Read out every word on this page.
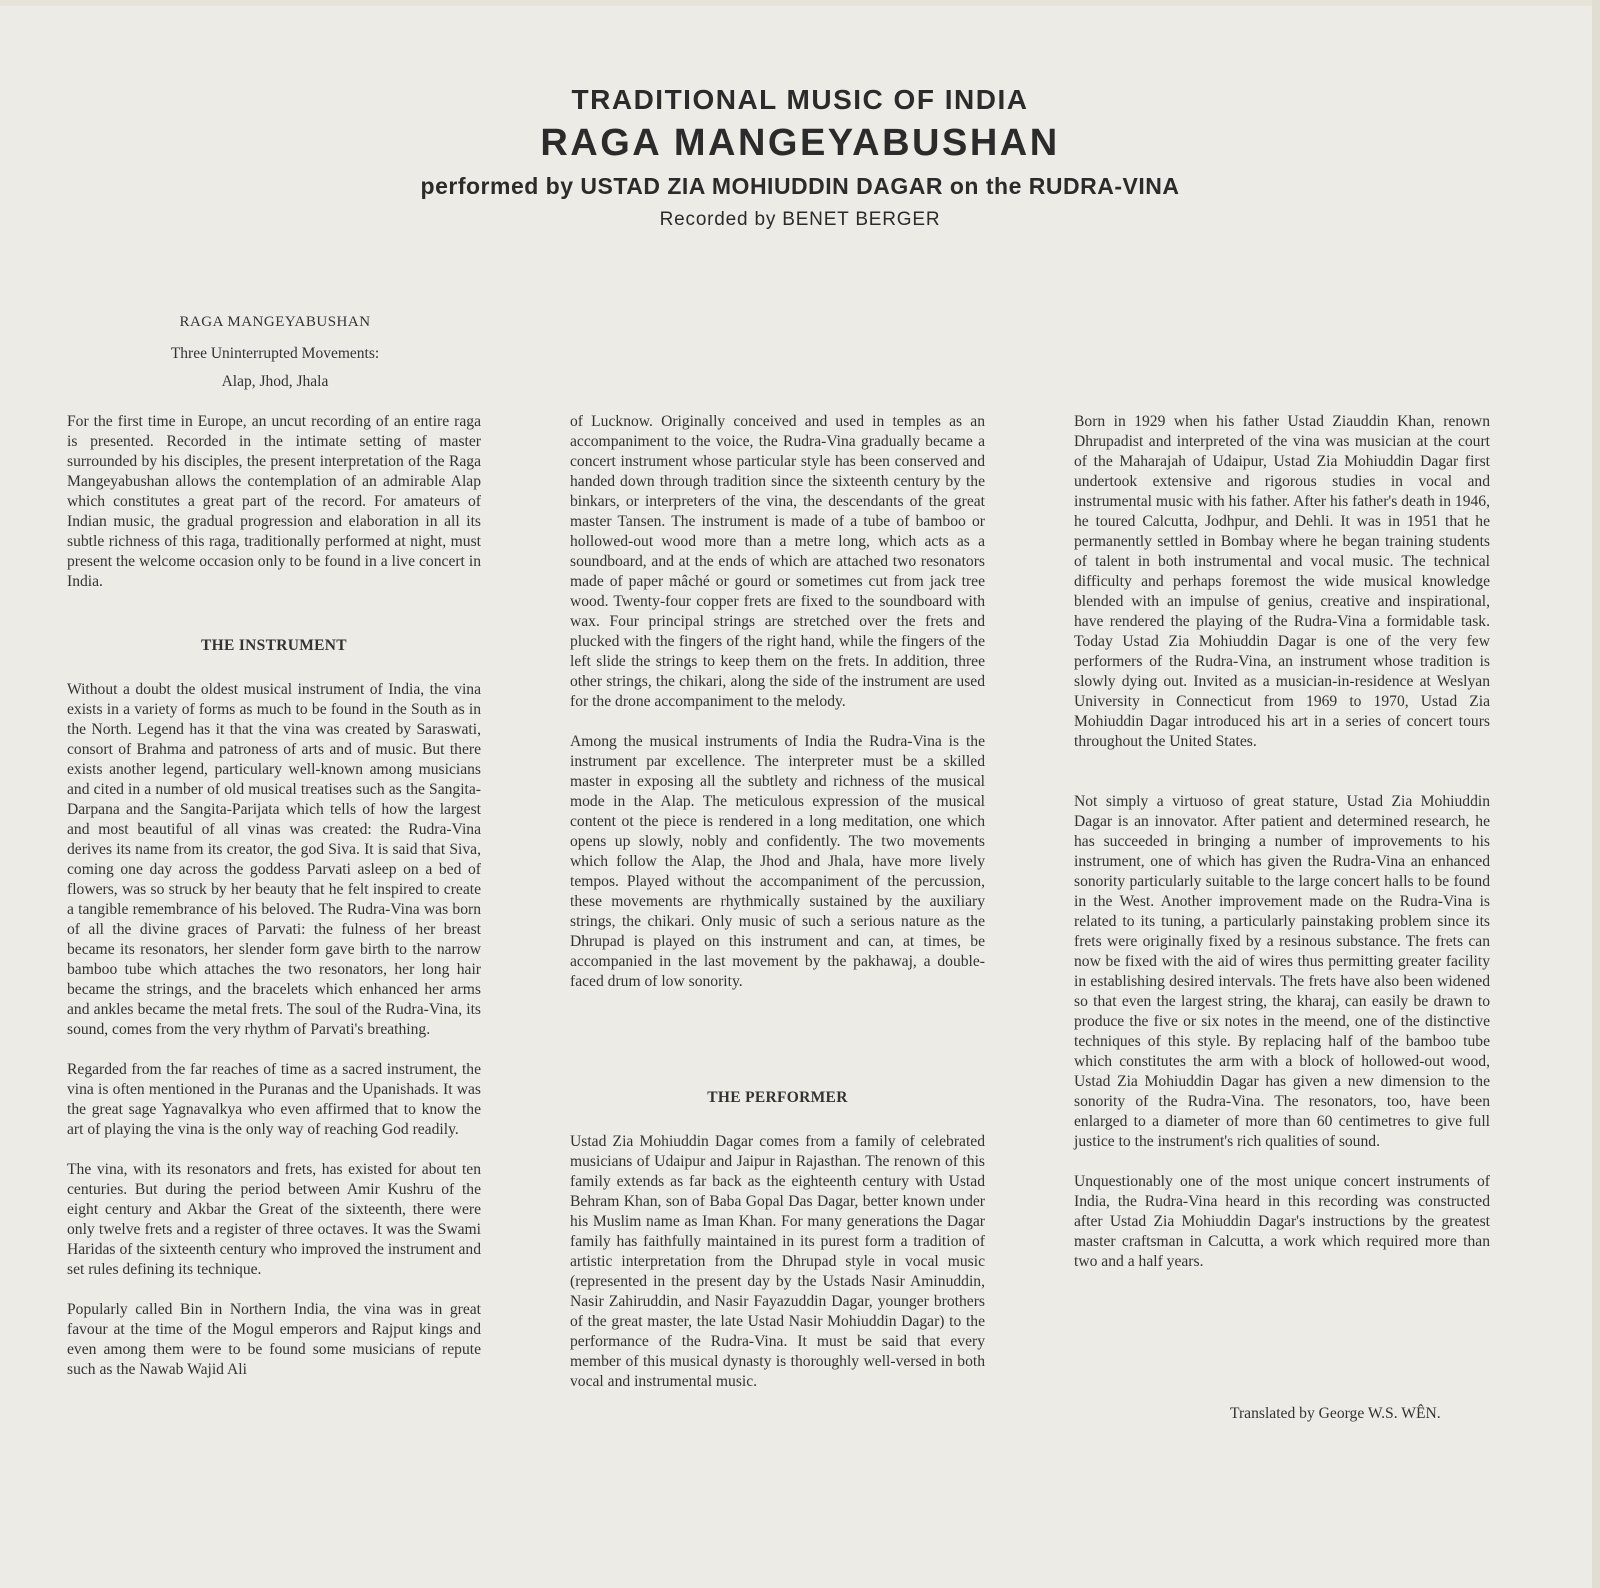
TRADITIONAL MUSIC OF INDIA

RAGA MANGEYABUSHAN

performed by USTAD ZIA MOHIUDDIN DAGAR on the RUDRA-VINA

Recorded by BENET BERGER

RAGA MANGEYABUSHAN

Three Uninterrupted Movements:

Alap, Jhod, Jhala

For the first time in Europe, an uncut recording of an entire raga is presented. Recorded in the intimate setting of master surrounded by his disciples, the present interpretation of the Raga Mangeyabushan allows the contemplation of an admirable Alap which constitutes a great part of the record. For amateurs of Indian music, the gradual progression and elaboration in all its subtle richness of this raga, traditionally performed at night, must present the welcome occasion only to be found in a live concert in India.

THE INSTRUMENT

Without a doubt the oldest musical instrument of India, the vina exists in a variety of forms as much to be found in the South as in the North. Legend has it that the vina was created by Saraswati, consort of Brahma and patroness of arts and of music. But there exists another legend, particulary well-known among musicians and cited in a number of old musical treatises such as the Sangita-Darpana and the Sangita-Parijata which tells of how the largest and most beautiful of all vinas was created: the Rudra-Vina derives its name from its creator, the god Siva. It is said that Siva, coming one day across the goddess Parvati asleep on a bed of flowers, was so struck by her beauty that he felt inspired to create a tangible remembrance of his beloved. The Rudra-Vina was born of all the divine graces of Parvati: the fulness of her breast became its resonators, her slender form gave birth to the narrow bamboo tube which attaches the two resonators, her long hair became the strings, and the bracelets which enhanced her arms and ankles became the metal frets. The soul of the Rudra-Vina, its sound, comes from the very rhythm of Parvati's breathing.

Regarded from the far reaches of time as a sacred instrument, the vina is often mentioned in the Puranas and the Upanishads. It was the great sage Yagnavalkya who even affirmed that to know the art of playing the vina is the only way of reaching God readily.

The vina, with its resonators and frets, has existed for about ten centuries. But during the period between Amir Kushru of the eight century and Akbar the Great of the sixteenth, there were only twelve frets and a register of three octaves. It was the Swami Haridas of the sixteenth century who improved the instrument and set rules defining its technique.

Popularly called Bin in Northern India, the vina was in great favour at the time of the Mogul emperors and Rajput kings and even among them were to be found some musicians of repute such as the Nawab Wajid Ali

of Lucknow. Originally conceived and used in temples as an accompaniment to the voice, the Rudra-Vina gradually became a concert instrument whose particular style has been conserved and handed down through tradition since the sixteenth century by the binkars, or interpreters of the vina, the descendants of the great master Tansen. The instrument is made of a tube of bamboo or hollowed-out wood more than a metre long, which acts as a soundboard, and at the ends of which are attached two resonators made of paper mâché or gourd or sometimes cut from jack tree wood. Twenty-four copper frets are fixed to the soundboard with wax. Four principal strings are stretched over the frets and plucked with the fingers of the right hand, while the fingers of the left slide the strings to keep them on the frets. In addition, three other strings, the chikari, along the side of the instrument are used for the drone accompaniment to the melody.

Among the musical instruments of India the Rudra-Vina is the instrument par excellence. The interpreter must be a skilled master in exposing all the subtlety and richness of the musical mode in the Alap. The meticulous expression of the musical content ot the piece is rendered in a long meditation, one which opens up slowly, nobly and confidently. The two movements which follow the Alap, the Jhod and Jhala, have more lively tempos. Played without the accompaniment of the percussion, these movements are rhythmically sustained by the auxiliary strings, the chikari. Only music of such a serious nature as the Dhrupad is played on this instrument and can, at times, be accompanied in the last movement by the pakhawaj, a double-faced drum of low sonority.

THE PERFORMER

Ustad Zia Mohiuddin Dagar comes from a family of celebrated musicians of Udaipur and Jaipur in Rajasthan. The renown of this family extends as far back as the eighteenth century with Ustad Behram Khan, son of Baba Gopal Das Dagar, better known under his Muslim name as Iman Khan. For many generations the Dagar family has faithfully maintained in its purest form a tradition of artistic interpretation from the Dhrupad style in vocal music (represented in the present day by the Ustads Nasir Aminuddin, Nasir Zahiruddin, and Nasir Fayazuddin Dagar, younger brothers of the great master, the late Ustad Nasir Mohiuddin Dagar) to the performance of the Rudra-Vina. It must be said that every member of this musical dynasty is thoroughly well-versed in both vocal and instrumental music.

Born in 1929 when his father Ustad Ziauddin Khan, renown Dhrupadist and interpreted of the vina was musician at the court of the Maharajah of Udaipur, Ustad Zia Mohiuddin Dagar first undertook extensive and rigorous studies in vocal and instrumental music with his father. After his father's death in 1946, he toured Calcutta, Jodhpur, and Dehli. It was in 1951 that he permanently settled in Bombay where he began training students of talent in both instrumental and vocal music. The technical difficulty and perhaps foremost the wide musical knowledge blended with an impulse of genius, creative and inspirational, have rendered the playing of the Rudra-Vina a formidable task. Today Ustad Zia Mohiuddin Dagar is one of the very few performers of the Rudra-Vina, an instrument whose tradition is slowly dying out. Invited as a musician-in-residence at Weslyan University in Connecticut from 1969 to 1970, Ustad Zia Mohiuddin Dagar introduced his art in a series of concert tours throughout the United States.

Not simply a virtuoso of great stature, Ustad Zia Mohiuddin Dagar is an innovator. After patient and determined research, he has succeeded in bringing a number of improvements to his instrument, one of which has given the Rudra-Vina an enhanced sonority particularly suitable to the large concert halls to be found in the West. Another improvement made on the Rudra-Vina is related to its tuning, a particularly painstaking problem since its frets were originally fixed by a resinous substance. The frets can now be fixed with the aid of wires thus permitting greater facility in establishing desired intervals. The frets have also been widened so that even the largest string, the kharaj, can easily be drawn to produce the five or six notes in the meend, one of the distinctive techniques of this style. By replacing half of the bamboo tube which constitutes the arm with a block of hollowed-out wood, Ustad Zia Mohiuddin Dagar has given a new dimension to the sonority of the Rudra-Vina. The resonators, too, have been enlarged to a diameter of more than 60 centimetres to give full justice to the instrument's rich qualities of sound.

Unquestionably one of the most unique concert instruments of India, the Rudra-Vina heard in this recording was constructed after Ustad Zia Mohiuddin Dagar's instructions by the greatest master craftsman in Calcutta, a work which required more than two and a half years.

Translated by George W.S. WÊN.
